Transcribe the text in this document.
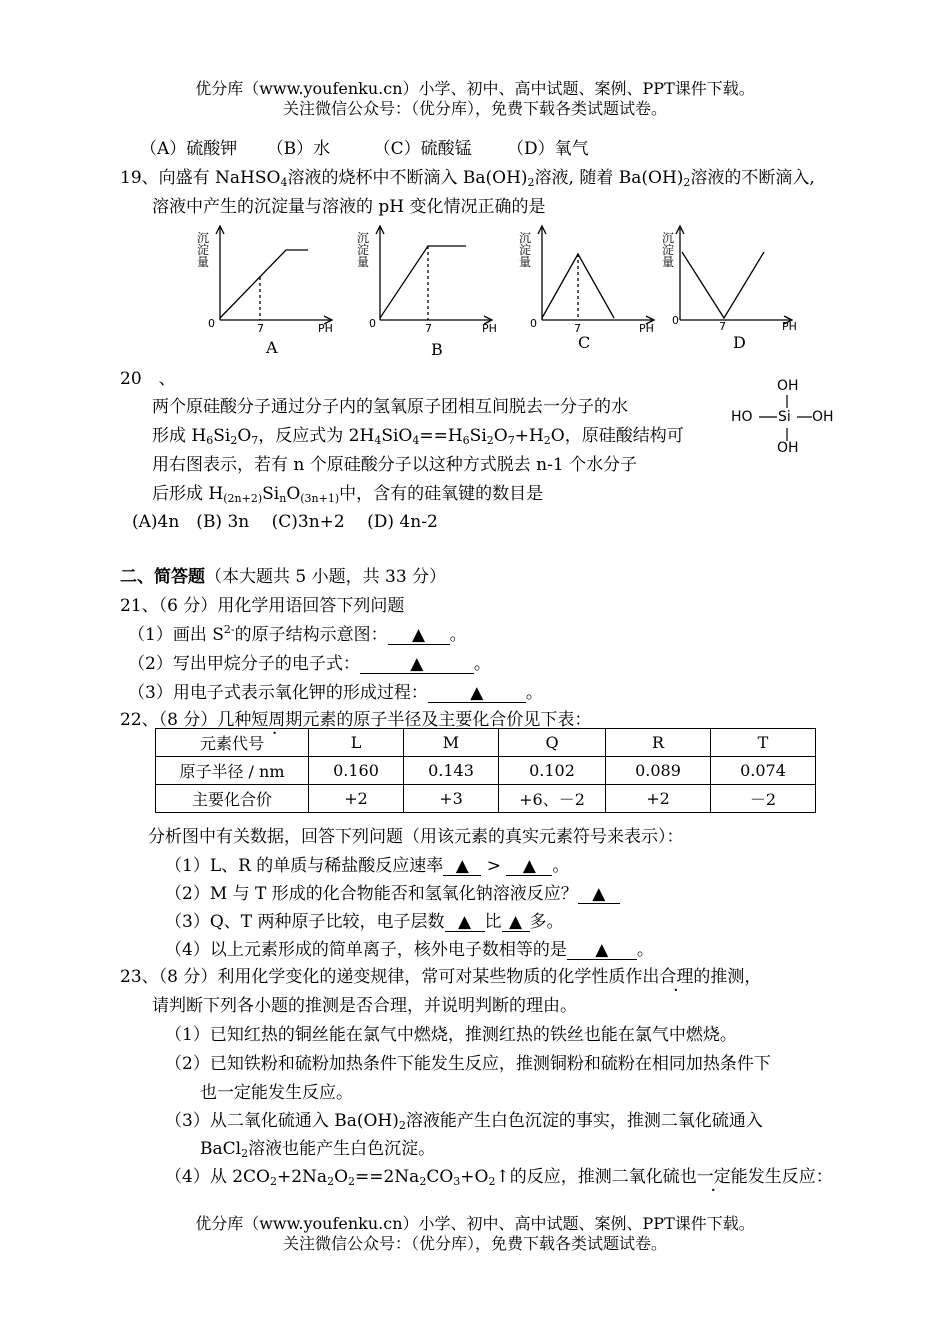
优分库（www.youfenku.cn）小学、初中、高中试题、案例、PPT课件下载。
关注微信公众号：（优分库），免费下载各类试题试卷。
（A）硫酸钾 （B）水	（C）硫酸锰 （D）氧气
19、向盛有 NaHSO$_4$溶液的烧杯中不断滴入 $Ba(OH)_2$溶液, 随着 $Ba(OH)_2$溶液的不断滴入,
溶液中产生的沉淀量与溶液的 pH 变化情况正确的是
沉淀量
沉淀量
沉淀量
沉淀量
0	7	PH
A
0	7	PH
B
0	7	PH
C
0	7	PH
D
20　、
两个原硅酸分子通过分子内的氢氧原子团相互间脱去一分子的水
形成 $H_6Si_2O_7$，反应式为 $2H_4SiO_4==H_6Si_2O_7+H_2O$，原硅酸结构可
用右图表示，若有 n 个原硅酸分子以这种方式脱去 n-1 个水分子
后形成 $H_{(2n+2)}Si_nO_{(3n+1)}$中，含有的硅氧键的数目是
(A)4n　(B) 3n　 (C)3n+2　 (D) 4n-2
OH
HO Si OH
OH
二、简答题（本大题共 5 小题，共 33 分）
21、（6 分）用化学用语回答下列问题
（1）画出 $S^{2-}$的原子结构示意图： ▲ 。
（2）写出甲烷分子的电子式：	▲	。
（3）用电子式表示氧化钾的形成过程： ▲ 。
22、（8 分）几种短周期元素的原子半径及主要化合价见下表：
元素代号	L	M	Q	R	T
原子半径 / nm	0.160	0.143	0.102	0.089	0.074
主要化合价	+2	+3	+6、－2	+2	－2
分析图中有关数据，回答下列问题（用该元素的真实元素符号来表示）：
（1）L、R 的单质与稀盐酸反应速率 ▲ > ▲ 。
（2）M 与 T 形成的化合物能否和氢氧化钠溶液反应？ ▲
（3）Q、T 两种原子比较，电子层数 ▲ 比 ▲ 多。
（4）以上元素形成的简单离子，核外电子数相等的是 ▲ 。
23、（8 分）利用化学变化的递变规律，常可对某些物质的化学性质作出合理的推测，
请判断下列各小题的推测是否合理，并说明判断的理由。
（1）已知红热的铜丝能在氯气中燃烧，推测红热的铁丝也能在氯气中燃烧。
（2）已知铁粉和硫粉加热条件下能发生反应，推测铜粉和硫粉在相同加热条件下
也一定能发生反应。
（3）从二氧化硫通入 $Ba(OH)_2$溶液能产生白色沉淀的事实，推测二氧化硫通入
BaCl$_2$溶液也能产生白色沉淀。
（4）从 $2CO_2+2Na_2O_2==2Na_2CO_3+O_2↑$的反应，推测二氧化硫也一定能发生反应：
优分库（www.youfenku.cn）小学、初中、高中试题、案例、PPT课件下载。
关注微信公众号：（优分库），免费下载各类试题试卷。
